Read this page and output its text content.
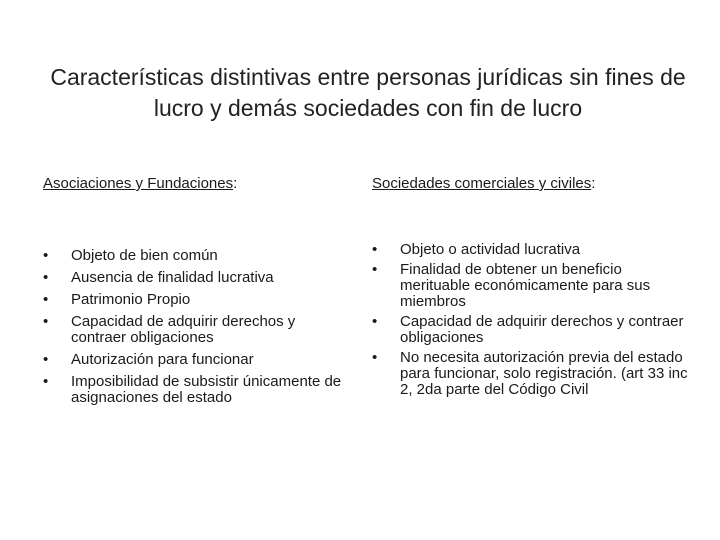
Características distintivas entre personas jurídicas sin fines de lucro y demás sociedades con fin de lucro

Asociaciones y Fundaciones:

• Objeto de bien común
• Ausencia de finalidad lucrativa
• Patrimonio Propio
• Capacidad de adquirir derechos y contraer obligaciones
• Autorización para funcionar
• Imposibilidad de subsistir únicamente de asignaciones del estado

Sociedades comerciales y civiles:

• Objeto o actividad lucrativa
• Finalidad de obtener un beneficio merituable económicamente para sus miembros
• Capacidad de adquirir derechos y contraer obligaciones
• No necesita autorización previa del estado para funcionar, solo registración. (art 33 inc 2, 2da parte del Código Civil
